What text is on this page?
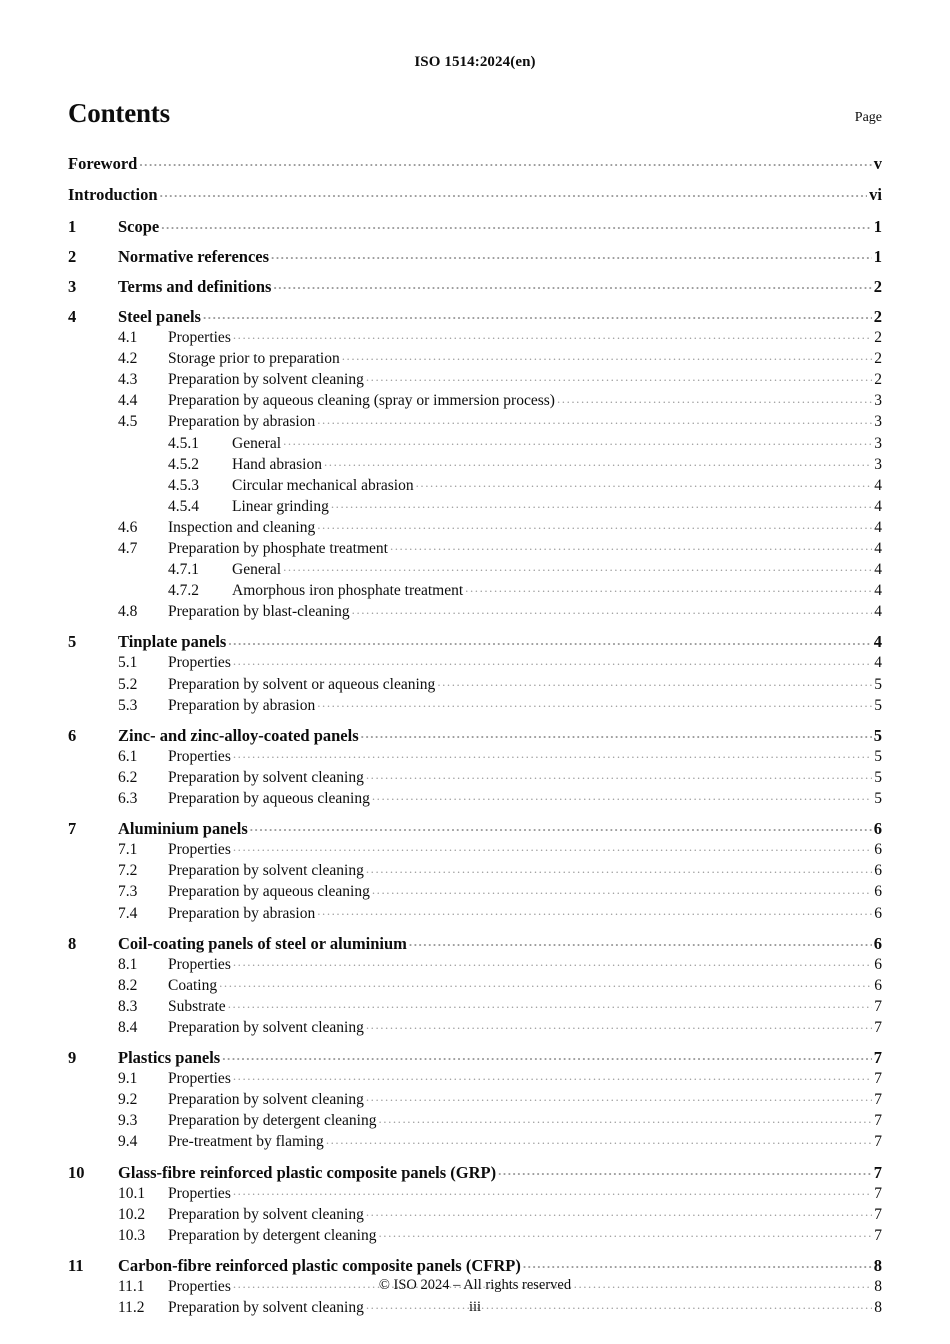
ISO 1514:2024(en)
Contents	Page
Foreword .....	v
Introduction .....	vi
1	Scope .....	1
2	Normative references .....	1
3	Terms and definitions .....	2
4	Steel panels .....	2
4.1	Properties .....	2
4.2	Storage prior to preparation .....	2
4.3	Preparation by solvent cleaning .....	2
4.4	Preparation by aqueous cleaning (spray or immersion process) .....	3
4.5	Preparation by abrasion .....	3
4.5.1	General .....	3
4.5.2	Hand abrasion .....	3
4.5.3	Circular mechanical abrasion .....	4
4.5.4	Linear grinding .....	4
4.6	Inspection and cleaning .....	4
4.7	Preparation by phosphate treatment .....	4
4.7.1	General .....	4
4.7.2	Amorphous iron phosphate treatment .....	4
4.8	Preparation by blast-cleaning .....	4
5	Tinplate panels .....	4
5.1	Properties .....	4
5.2	Preparation by solvent or aqueous cleaning .....	5
5.3	Preparation by abrasion .....	5
6	Zinc- and zinc-alloy-coated panels .....	5
6.1	Properties .....	5
6.2	Preparation by solvent cleaning .....	5
6.3	Preparation by aqueous cleaning .....	5
7	Aluminium panels .....	6
7.1	Properties .....	6
7.2	Preparation by solvent cleaning .....	6
7.3	Preparation by aqueous cleaning .....	6
7.4	Preparation by abrasion .....	6
8	Coil-coating panels of steel or aluminium .....	6
8.1	Properties .....	6
8.2	Coating .....	6
8.3	Substrate .....	7
8.4	Preparation by solvent cleaning .....	7
9	Plastics panels .....	7
9.1	Properties .....	7
9.2	Preparation by solvent cleaning .....	7
9.3	Preparation by detergent cleaning .....	7
9.4	Pre-treatment by flaming .....	7
10	Glass-fibre reinforced plastic composite panels (GRP) .....	7
10.1	Properties .....	7
10.2	Preparation by solvent cleaning .....	7
10.3	Preparation by detergent cleaning .....	7
11	Carbon-fibre reinforced plastic composite panels (CFRP) .....	8
11.1	Properties .....	8
11.2	Preparation by solvent cleaning .....	8
© ISO 2024 – All rights reserved
iii
